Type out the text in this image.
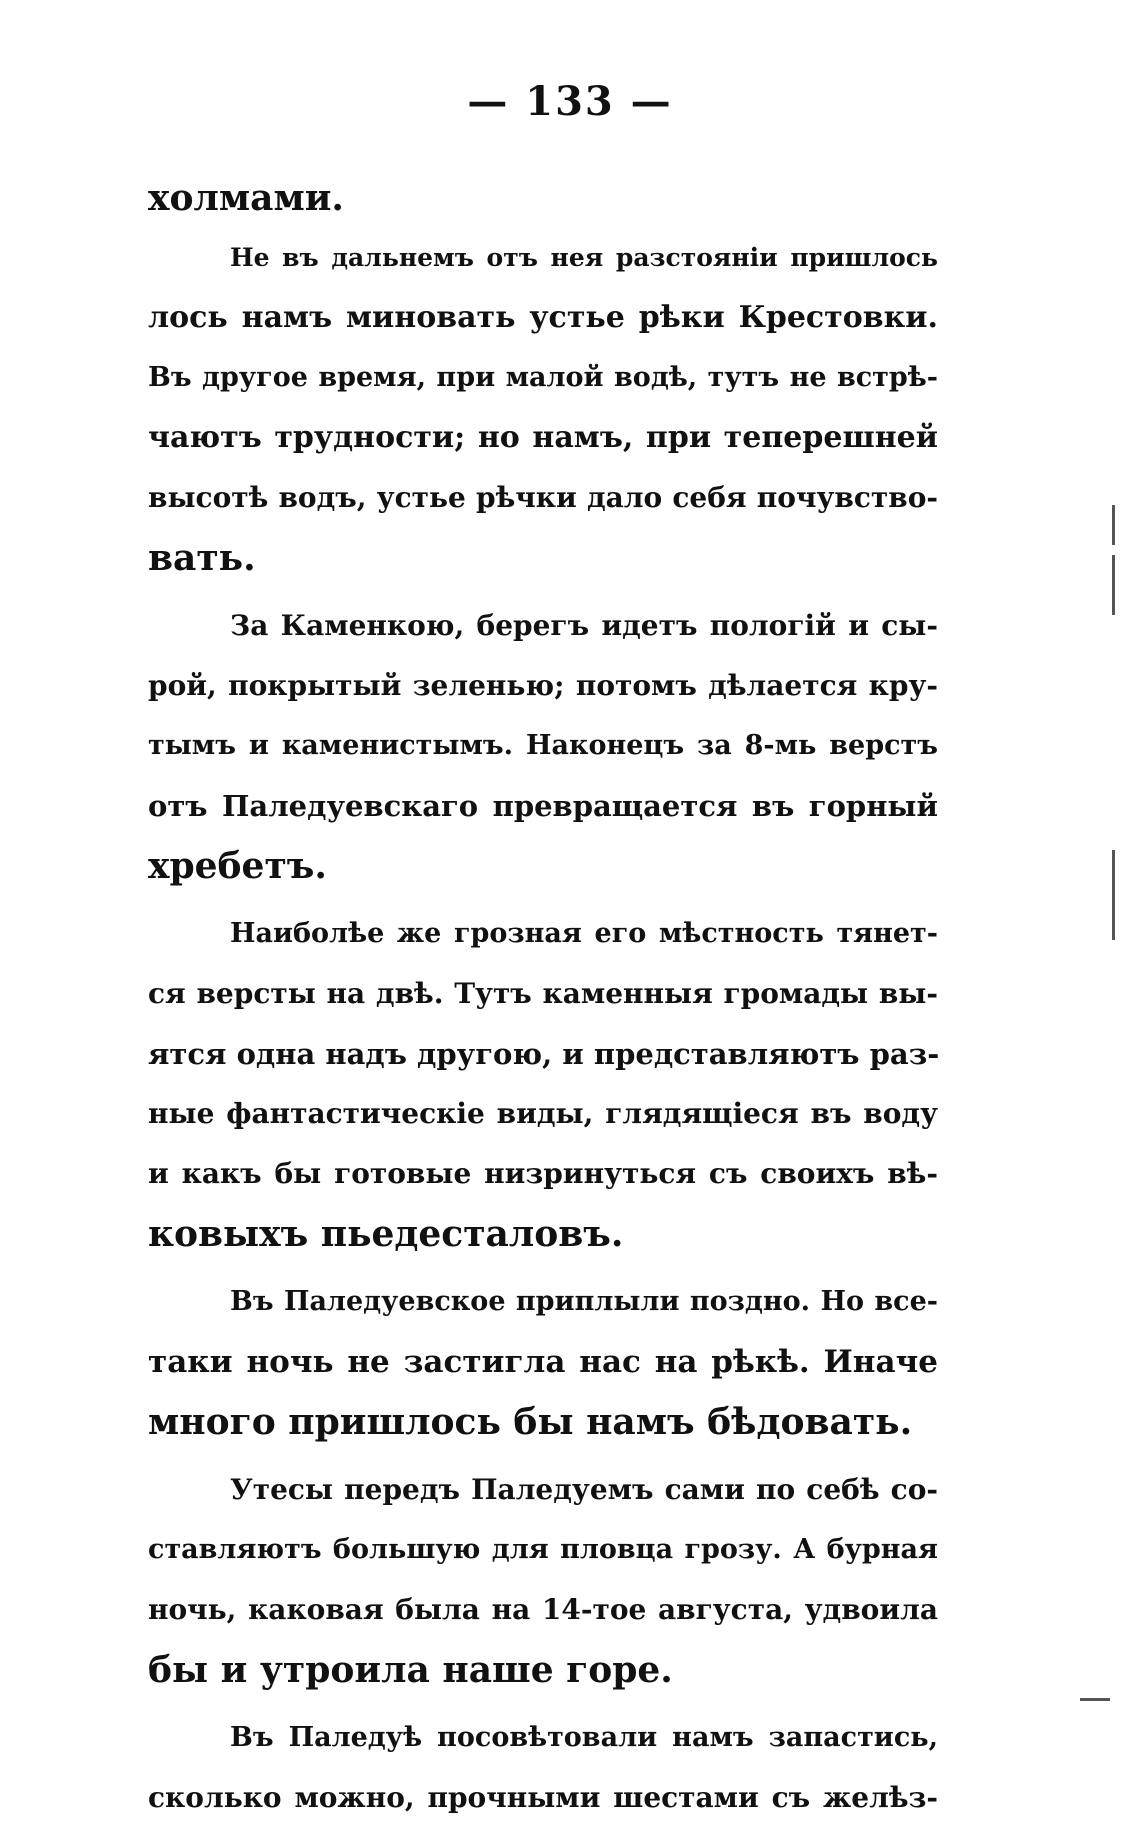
— 133 —
холмами.
Не въ дальнемъ отъ нея разстояніи пришлось
лось намъ миновать устье рѣки Крестовки.
Въ другое время, при малой водѣ, тутъ не встрѣ-
чаютъ трудности; но намъ, при теперешней
высотѣ водъ, устье рѣчки дало себя почувство-
вать.
За Каменкою, берегъ идетъ пологій и сы-
рой, покрытый зеленью; потомъ дѣлается кру-
тымъ и каменистымъ. Наконецъ за 8-мь верстъ
отъ Паледуевскаго превращается въ горный
хребетъ.
Наиболѣе же грозная его мѣстность тянет-
ся версты на двѣ. Тутъ каменныя громады вы-
ятся одна надъ другою, и представляютъ раз-
ные фантастическіе виды, глядящіеся въ воду
и какъ бы готовые низринуться съ своихъ вѣ-
ковыхъ пьедесталовъ.
Въ Паледуевское приплыли поздно. Но все-
таки ночь не застигла нас на рѣкѣ. Иначе
много пришлось бы намъ бѣдовать.
Утесы передъ Паледуемъ сами по себѣ со-
ставляютъ большую для пловца грозу. А бурная
ночь, каковая была на 14-тое августа, удвоила
бы и утроила наше горе.
Въ Паледуѣ посовѣтовали намъ запастись,
сколько можно, прочными шестами съ желѣз-
